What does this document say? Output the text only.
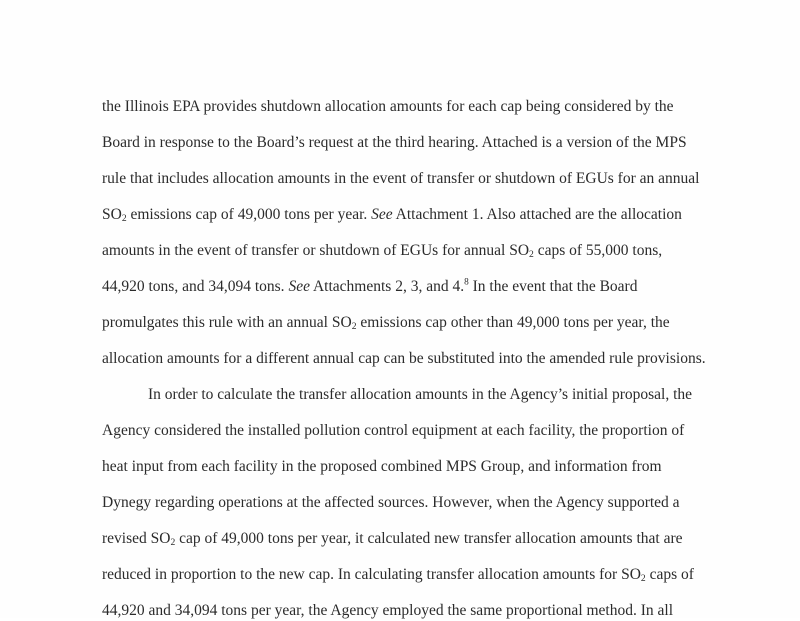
the Illinois EPA provides shutdown allocation amounts for each cap being considered by the
Board in response to the Board’s request at the third hearing. Attached is a version of the MPS
rule that includes allocation amounts in the event of transfer or shutdown of EGUs for an annual
$SO_2$ emissions cap of 49,000 tons per year. See Attachment 1. Also attached are the allocation
amounts in the event of transfer or shutdown of EGUs for annual $SO_2$ caps of 55,000 tons,
44,920 tons, and 34,094 tons. See Attachments 2, 3, and 4.$^8$ In the event that the Board
promulgates this rule with an annual $SO_2$ emissions cap other than 49,000 tons per year, the
allocation amounts for a different annual cap can be substituted into the amended rule provisions.
In order to calculate the transfer allocation amounts in the Agency’s initial proposal, the
Agency considered the installed pollution control equipment at each facility, the proportion of
heat input from each facility in the proposed combined MPS Group, and information from
Dynegy regarding operations at the affected sources. However, when the Agency supported a
revised $SO_2$ cap of 49,000 tons per year, it calculated new transfer allocation amounts that are
reduced in proportion to the new cap. In calculating transfer allocation amounts for $SO_2$ caps of
44,920 and 34,094 tons per year, the Agency employed the same proportional method. In all
